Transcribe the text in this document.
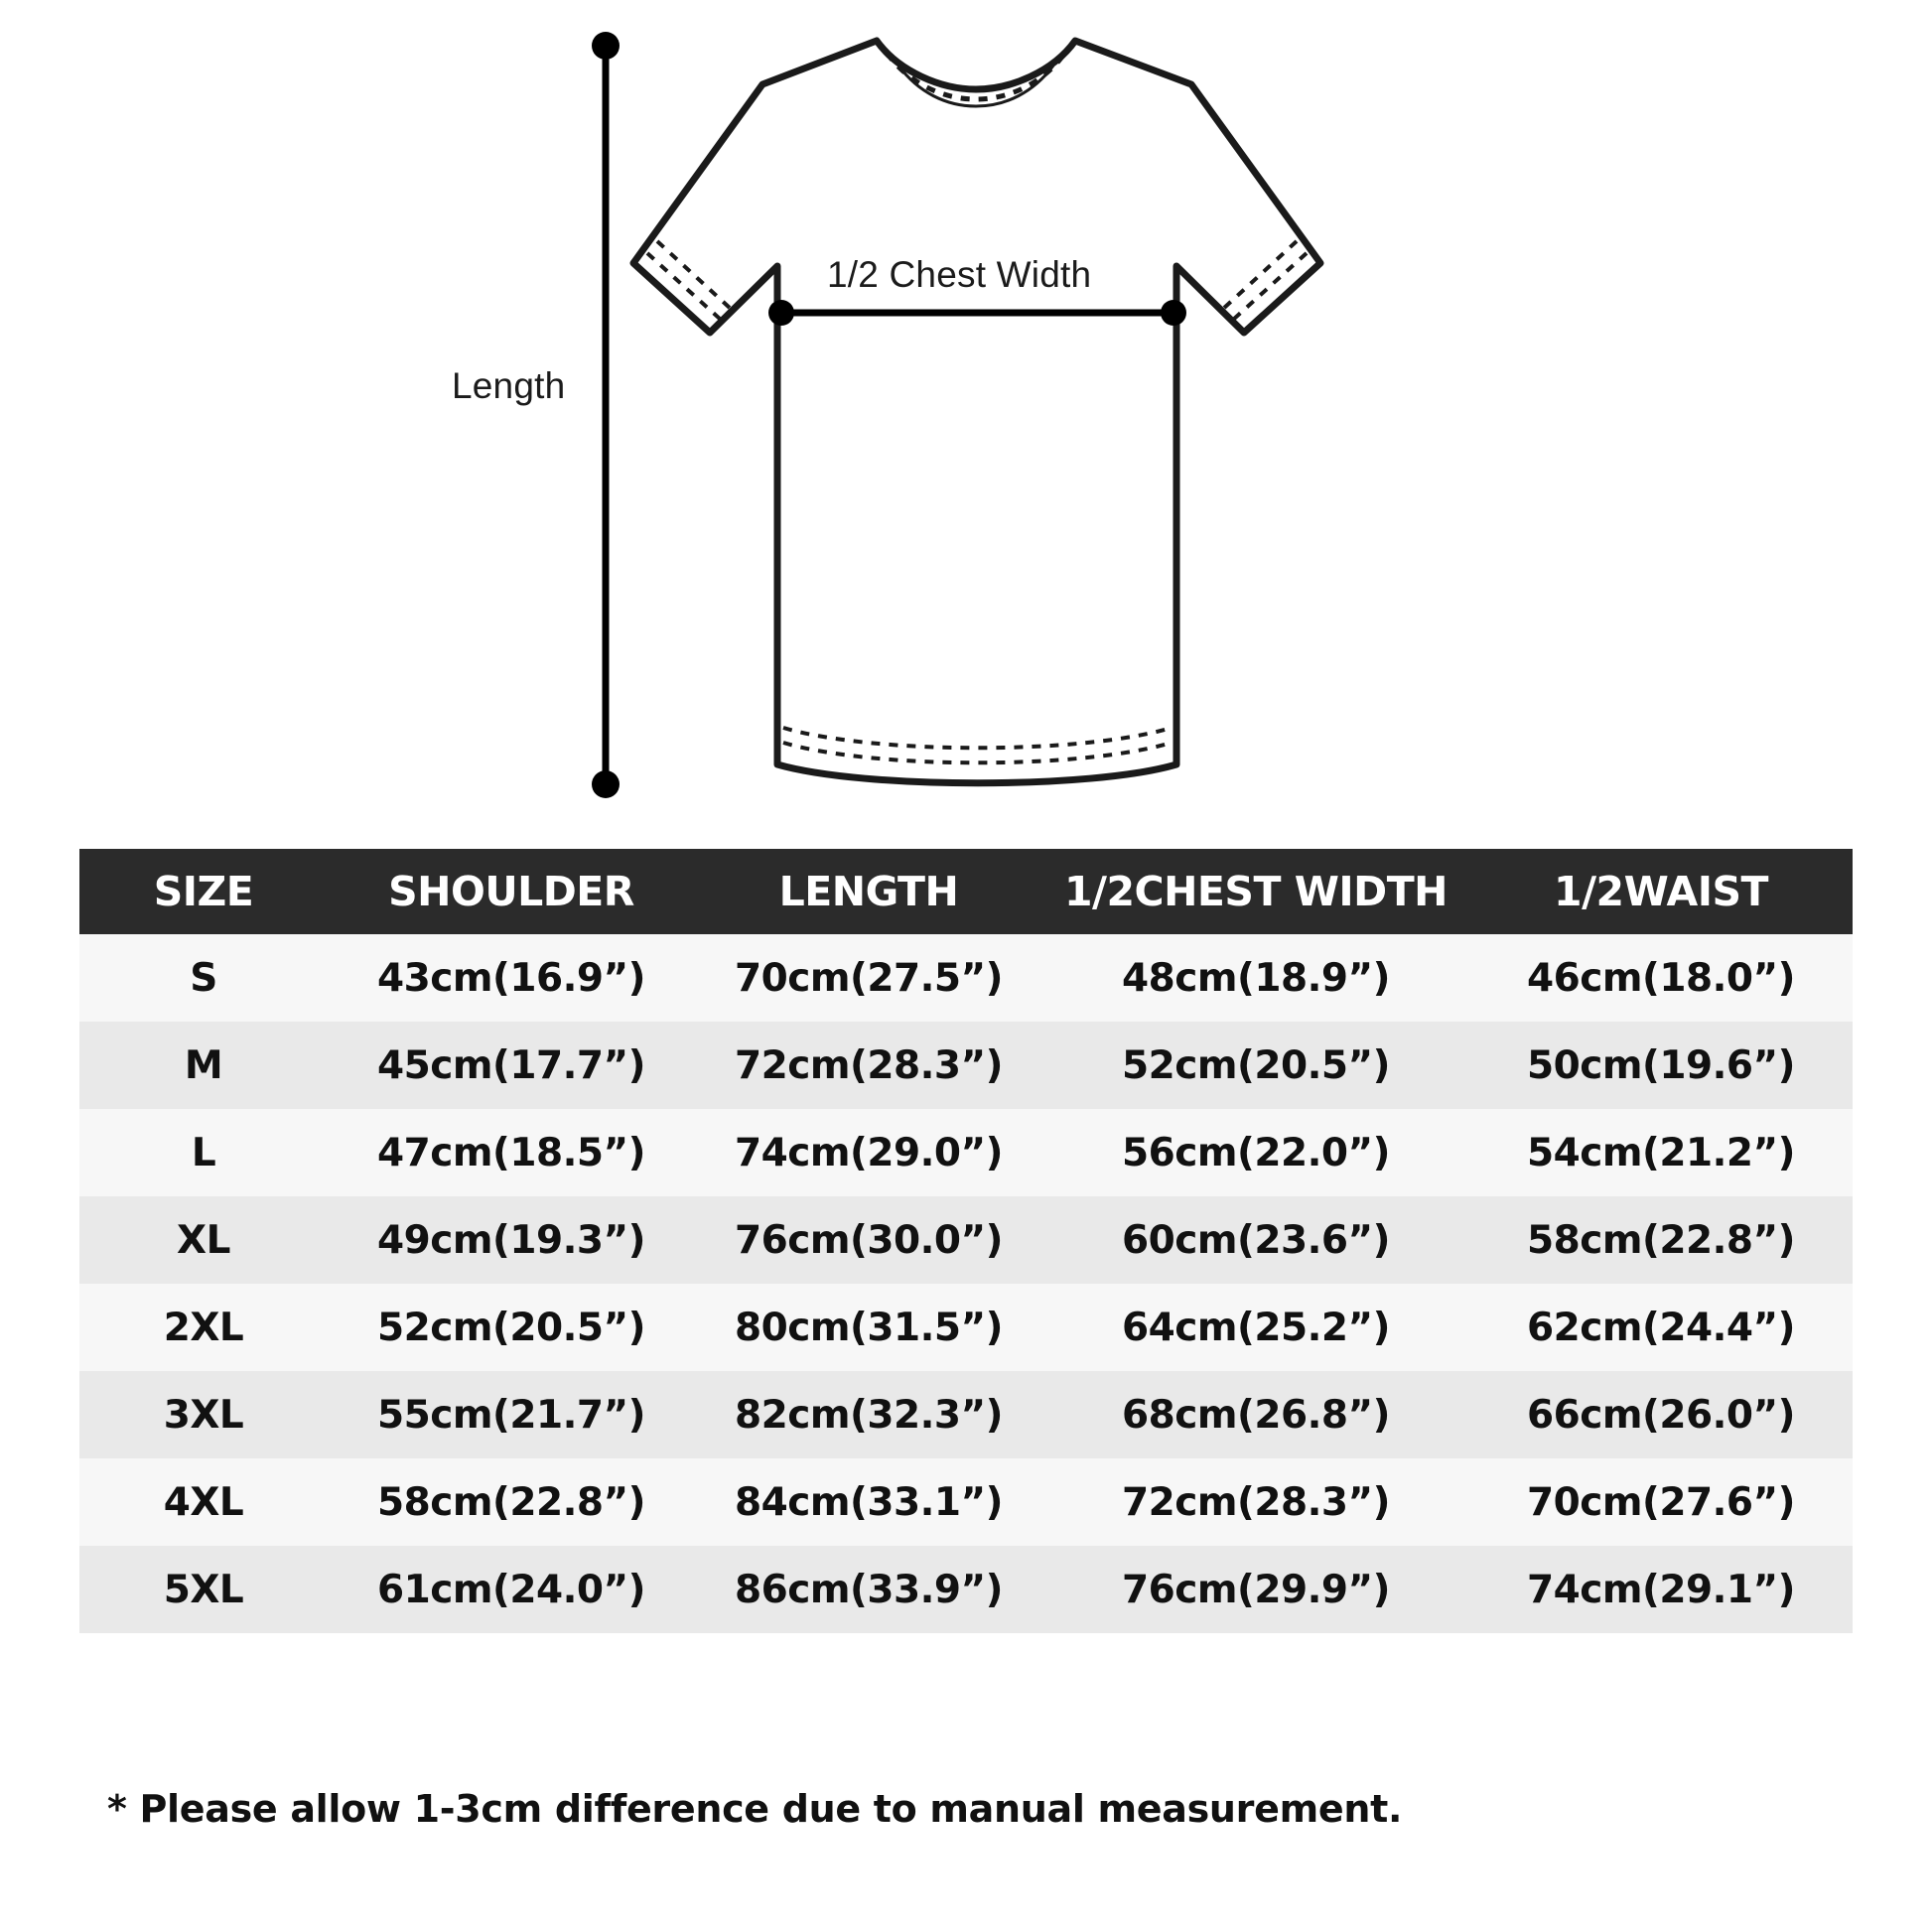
Length
1/2 Chest Width
SIZE	SHOULDER	LENGTH	1/2CHEST WIDTH	1/2WAIST
S	43cm(16.9”)	70cm(27.5”)	48cm(18.9”)	46cm(18.0”)
M	45cm(17.7”)	72cm(28.3”)	52cm(20.5”)	50cm(19.6”)
L	47cm(18.5”)	74cm(29.0”)	56cm(22.0”)	54cm(21.2”)
XL	49cm(19.3”)	76cm(30.0”)	60cm(23.6”)	58cm(22.8”)
2XL	52cm(20.5”)	80cm(31.5”)	64cm(25.2”)	62cm(24.4”)
3XL	55cm(21.7”)	82cm(32.3”)	68cm(26.8”)	66cm(26.0”)
4XL	58cm(22.8”)	84cm(33.1”)	72cm(28.3”)	70cm(27.6”)
5XL	61cm(24.0”)	86cm(33.9”)	76cm(29.9”)	74cm(29.1”)
* Please allow 1-3cm difference due to manual measurement.
